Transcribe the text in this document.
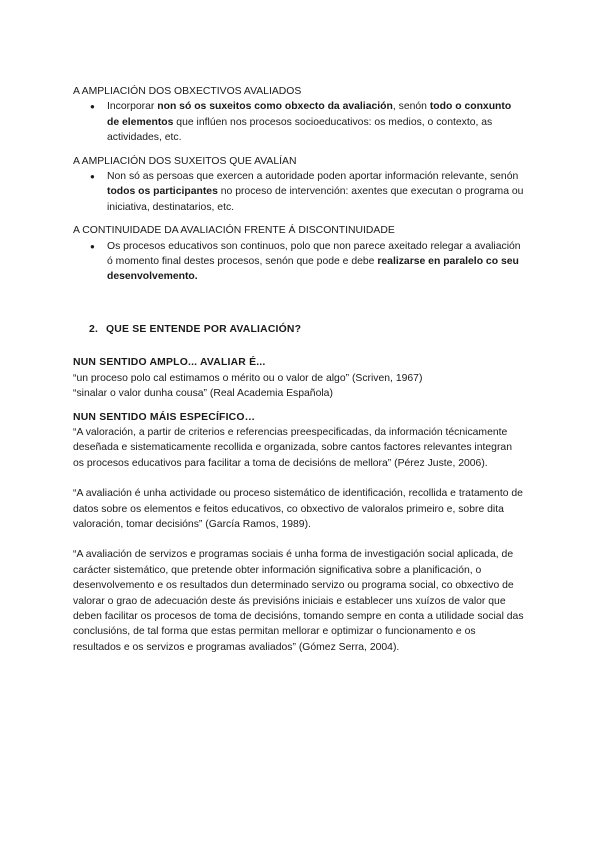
A AMPLIACIÓN DOS OBXECTIVOS AVALIADOS

● Incorporar non só os suxeitos como obxecto da avaliación, senón todo o conxunto de elementos que inflúen nos procesos socioeducativos: os medios, o contexto, as actividades, etc.

A AMPLIACIÓN DOS SUXEITOS QUE AVALÍAN

● Non só as persoas que exercen a autoridade poden aportar información relevante, senón todos os participantes no proceso de intervención: axentes que executan o programa ou iniciativa, destinatarios, etc.

A CONTINUIDADE DA AVALIACIÓN FRENTE Á DISCONTINUIDADE

● Os procesos educativos son continuos, polo que non parece axeitado relegar a avaliación ó momento final destes procesos, senón que pode e debe realizarse en paralelo co seu desenvolvemento.

2. QUE SE ENTENDE POR AVALIACIÓN?

NUN SENTIDO AMPLO... AVALIAR É...

“un proceso polo cal estimamos o mérito ou o valor de algo” (Scriven, 1967)

“sinalar o valor dunha cousa” (Real Academia Española)

NUN SENTIDO MÁIS ESPECÍFICO…

“A valoración, a partir de criterios e referencias preespecificadas, da información técnicamente deseñada e sistematicamente recollida e organizada, sobre cantos factores relevantes integran os procesos educativos para facilitar a toma de decisións de mellora” (Pérez Juste, 2006).

“A avaliación é unha actividade ou proceso sistemático de identificación, recollida e tratamento de datos sobre os elementos e feitos educativos, co obxectivo de valoralos primeiro e, sobre dita valoración, tomar decisións” (García Ramos, 1989).

“A avaliación de servizos e programas sociais é unha forma de investigación social aplicada, de carácter sistemático, que pretende obter información significativa sobre a planificación, o desenvolvemento e os resultados dun determinado servizo ou programa social, co obxectivo de valorar o grao de adecuación deste ás previsións iniciais e establecer uns xuízos de valor que deben facilitar os procesos de toma de decisións, tomando sempre en conta a utilidade social das conclusións, de tal forma que estas permitan mellorar e optimizar o funcionamento e os resultados e os servizos e programas avaliados” (Gómez Serra, 2004).
